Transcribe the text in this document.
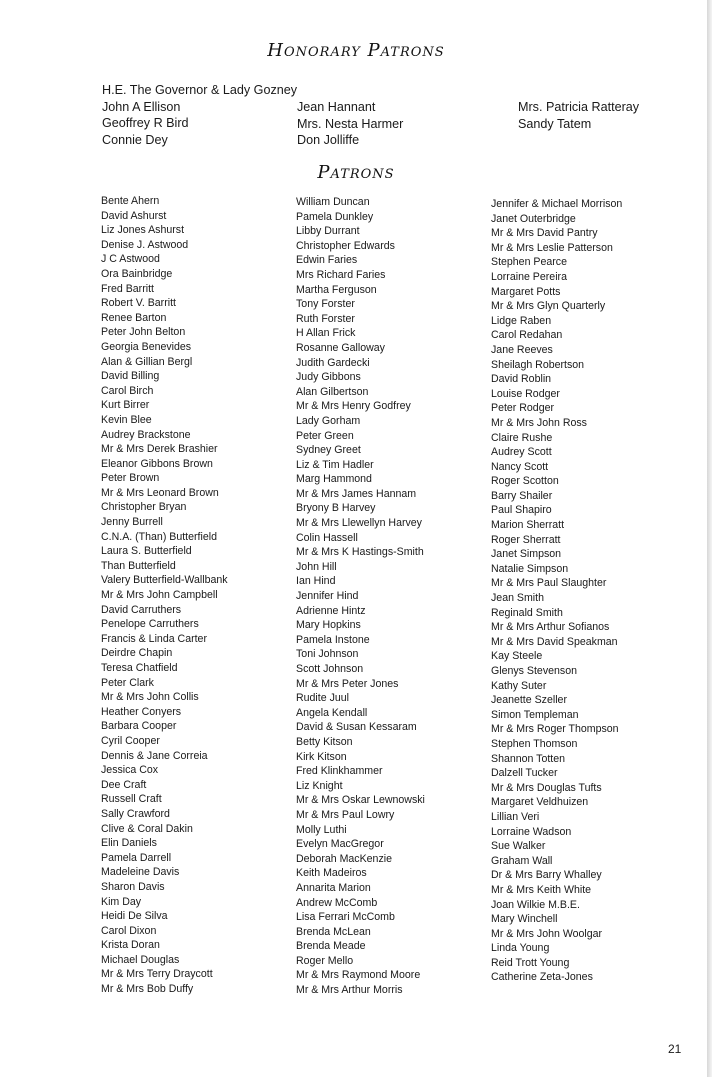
Honorary Patrons
H.E. The Governor & Lady Gozney
John A Ellison
Geoffrey R Bird
Connie Dey
Jean Hannant
Mrs. Nesta Harmer
Don Jolliffe
Mrs. Patricia Ratteray
Sandy Tatem
Patrons
Bente Ahern
David Ashurst
Liz Jones Ashurst
Denise J. Astwood
J C Astwood
Ora Bainbridge
Fred Barritt
Robert V. Barritt
Renee Barton
Peter John Belton
Georgia Benevides
Alan & Gillian Bergl
David Billing
Carol Birch
Kurt Birrer
Kevin Blee
Audrey Brackstone
Mr & Mrs Derek Brashier
Eleanor Gibbons Brown
Peter Brown
Mr & Mrs Leonard Brown
Christopher Bryan
Jenny Burrell
C.N.A. (Than) Butterfield
Laura S. Butterfield
Than Butterfield
Valery Butterfield-Wallbank
Mr & Mrs John Campbell
David Carruthers
Penelope Carruthers
Francis & Linda Carter
Deirdre Chapin
Teresa Chatfield
Peter Clark
Mr & Mrs John Collis
Heather Conyers
Barbara Cooper
Cyril Cooper
Dennis & Jane Correia
Jessica Cox
Dee Craft
Russell Craft
Sally Crawford
Clive & Coral Dakin
Elin Daniels
Pamela Darrell
Madeleine Davis
Sharon Davis
Kim Day
Heidi De Silva
Carol Dixon
Krista Doran
Michael Douglas
Mr & Mrs Terry Draycott
Mr & Mrs Bob Duffy
William Duncan
Pamela Dunkley
Libby Durrant
Christopher Edwards
Edwin Faries
Mrs Richard Faries
Martha Ferguson
Tony Forster
Ruth Forster
H Allan Frick
Rosanne Galloway
Judith Gardecki
Judy Gibbons
Alan Gilbertson
Mr & Mrs Henry Godfrey
Lady Gorham
Peter Green
Sydney Greet
Liz & Tim Hadler
Marg Hammond
Mr & Mrs James Hannam
Bryony B Harvey
Mr & Mrs Llewellyn Harvey
Colin Hassell
Mr & Mrs K Hastings-Smith
John Hill
Ian Hind
Jennifer Hind
Adrienne Hintz
Mary Hopkins
Pamela Instone
Toni Johnson
Scott Johnson
Mr & Mrs Peter Jones
Rudite Juul
Angela Kendall
David & Susan Kessaram
Betty Kitson
Kirk Kitson
Fred Klinkhammer
Liz Knight
Mr & Mrs Oskar Lewnowski
Mr & Mrs Paul Lowry
Molly Luthi
Evelyn MacGregor
Deborah MacKenzie
Keith Madeiros
Annarita Marion
Andrew McComb
Lisa Ferrari McComb
Brenda McLean
Brenda Meade
Roger Mello
Mr & Mrs Raymond Moore
Mr & Mrs Arthur Morris
Jennifer & Michael Morrison
Janet Outerbridge
Mr & Mrs David Pantry
Mr & Mrs Leslie Patterson
Stephen Pearce
Lorraine Pereira
Margaret Potts
Mr & Mrs Glyn Quarterly
Lidge Raben
Carol Redahan
Jane Reeves
Sheilagh Robertson
David Roblin
Louise Rodger
Peter Rodger
Mr & Mrs John Ross
Claire Rushe
Audrey Scott
Nancy Scott
Roger Scotton
Barry Shailer
Paul Shapiro
Marion Sherratt
Roger Sherratt
Janet Simpson
Natalie Simpson
Mr & Mrs Paul Slaughter
Jean Smith
Reginald Smith
Mr & Mrs Arthur Sofianos
Mr & Mrs David Speakman
Kay Steele
Glenys Stevenson
Kathy Suter
Jeanette Szeller
Simon Templeman
Mr & Mrs Roger Thompson
Stephen Thomson
Shannon Totten
Dalzell Tucker
Mr & Mrs Douglas Tufts
Margaret Veldhuizen
Lillian Veri
Lorraine Wadson
Sue Walker
Graham Wall
Dr & Mrs Barry Whalley
Mr & Mrs Keith White
Joan Wilkie M.B.E.
Mary Winchell
Mr & Mrs John Woolgar
Linda Young
Reid Trott Young
Catherine Zeta-Jones
21
